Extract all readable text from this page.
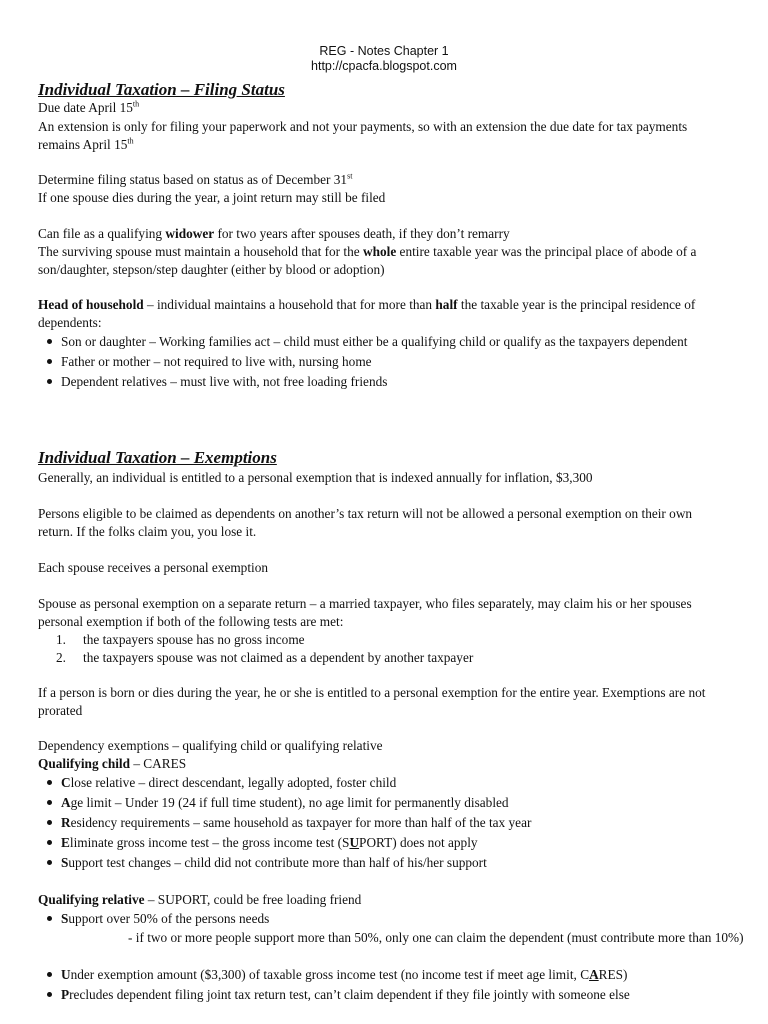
REG - Notes Chapter 1
http://cpacfa.blogspot.com
Individual Taxation – Filing Status
Due date April 15th
An extension is only for filing your paperwork and not your payments, so with an extension the due date for tax payments remains April 15th
Determine filing status based on status as of December 31st
If one spouse dies during the year, a joint return may still be filed
Can file as a qualifying widower for two years after spouses death, if they don’t remarry
The surviving spouse must maintain a household that for the whole entire taxable year was the principal place of abode of a son/daughter, stepson/step daughter (either by blood or adoption)
Head of household – individual maintains a household that for more than half the taxable year is the principal residence of dependents:
Son or daughter – Working families act – child must either be a qualifying child or qualify as the taxpayers dependent
Father or mother – not required to live with, nursing home
Dependent relatives – must live with, not free loading friends
Individual Taxation – Exemptions
Generally, an individual is entitled to a personal exemption that is indexed annually for inflation, $3,300
Persons eligible to be claimed as dependents on another’s tax return will not be allowed a personal exemption on their own return. If the folks claim you, you lose it.
Each spouse receives a personal exemption
Spouse as personal exemption on a separate return – a married taxpayer, who files separately, may claim his or her spouses personal exemption if both of the following tests are met:
1. the taxpayers spouse has no gross income
2. the taxpayers spouse was not claimed as a dependent by another taxpayer
If a person is born or dies during the year, he or she is entitled to a personal exemption for the entire year. Exemptions are not prorated
Dependency exemptions – qualifying child or qualifying relative
Qualifying child – CARES
Close relative – direct descendant, legally adopted, foster child
Age limit – Under 19 (24 if full time student), no age limit for permanently disabled
Residency requirements – same household as taxpayer for more than half of the tax year
Eliminate gross income test – the gross income test (SUPORT) does not apply
Support test changes – child did not contribute more than half of his/her support
Qualifying relative – SUPORT, could be free loading friend
Support over 50% of the persons needs
- if two or more people support more than 50%, only one can claim the dependent (must contribute more than 10%)
Under exemption amount ($3,300) of taxable gross income test (no income test if meet age limit, CARES)
Precludes dependent filing joint tax return test, can’t claim dependent if they file jointly with someone else
